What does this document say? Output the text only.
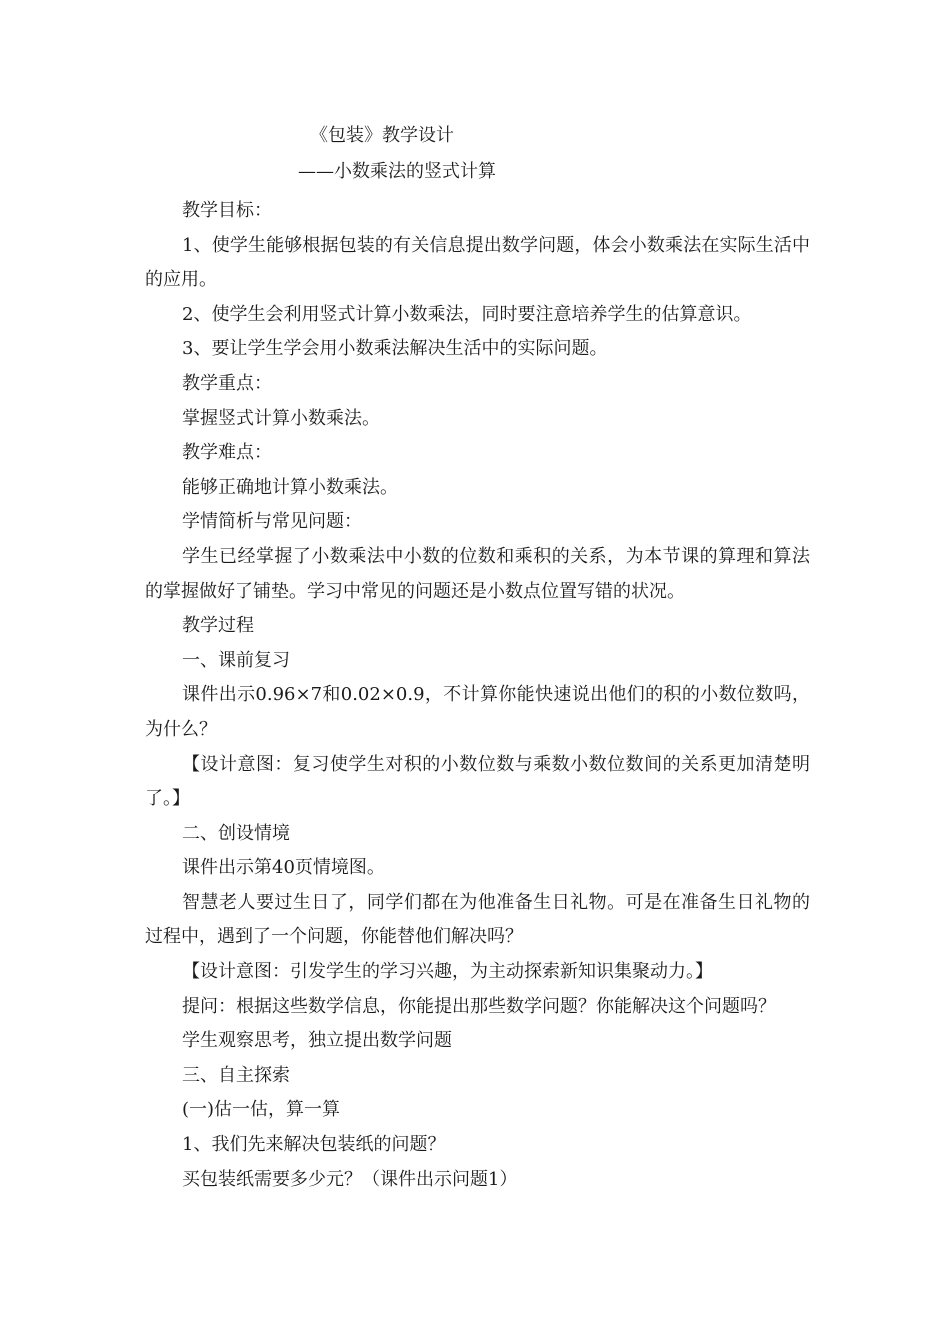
《包装》教学设计
——小数乘法的竖式计算

教学目标：

1、使学生能够根据包装的有关信息提出数学问题，体会小数乘法在实际生活中的应用。

2、使学生会利用竖式计算小数乘法，同时要注意培养学生的估算意识。

3、要让学生学会用小数乘法解决生活中的实际问题。

教学重点：

掌握竖式计算小数乘法。

教学难点：

能够正确地计算小数乘法。

学情简析与常见问题：

学生已经掌握了小数乘法中小数的位数和乘积的关系，为本节课的算理和算法的掌握做好了铺垫。学习中常见的问题还是小数点位置写错的状况。

教学过程

一、课前复习

课件出示0.96×7和0.02×0.9，不计算你能快速说出他们的积的小数位数吗，为什么？

【设计意图：复习使学生对积的小数位数与乘数小数位数间的关系更加清楚明了。】

二、创设情境

课件出示第40页情境图。

智慧老人要过生日了，同学们都在为他准备生日礼物。可是在准备生日礼物的过程中，遇到了一个问题，你能替他们解决吗？

【设计意图：引发学生的学习兴趣，为主动探索新知识集聚动力。】

提问：根据这些数学信息，你能提出那些数学问题？你能解决这个问题吗？

学生观察思考，独立提出数学问题

三、自主探索

(一)估一估，算一算

1、我们先来解决包装纸的问题？

买包装纸需要多少元？（课件出示问题1）
